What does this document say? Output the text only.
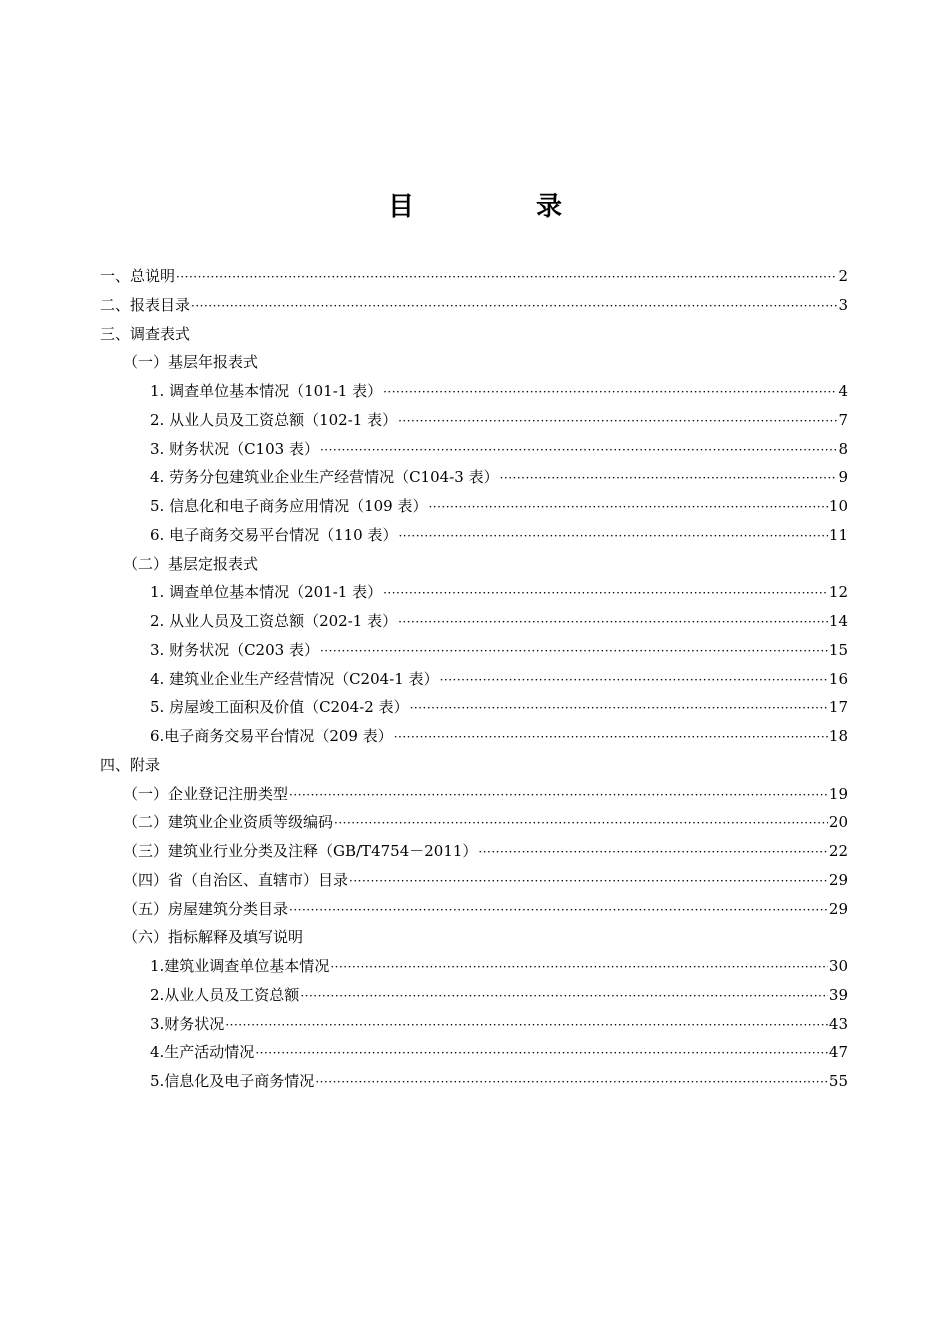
目　录
一、总说明 ·····	2
二、报表目录 ·····	3
三、调查表式
（一）基层年报表式
1. 调查单位基本情况（101-1 表） ·····	4
2. 从业人员及工资总额（102-1 表） ·····	7
3. 财务状况（C103 表） ·····	8
4. 劳务分包建筑业企业生产经营情况（C104-3 表） ·····	9
5. 信息化和电子商务应用情况（109 表） ·····	10
6. 电子商务交易平台情况（110 表） ·····	11
（二）基层定报表式
1. 调查单位基本情况（201-1 表） ·····	12
2. 从业人员及工资总额（202-1 表） ·····	14
3. 财务状况（C203 表） ·····	15
4. 建筑业企业生产经营情况（C204-1 表） ·····	16
5. 房屋竣工面积及价值（C204-2 表） ·····	17
6.电子商务交易平台情况（209 表） ·····	18
四、附录
（一）企业登记注册类型 ·····	19
（二）建筑业企业资质等级编码 ·····	20
（三）建筑业行业分类及注释（GB/T4754－2011） ·····	22
（四）省（自治区、直辖市）目录 ·····	29
（五）房屋建筑分类目录 ·····	29
（六）指标解释及填写说明
1.建筑业调查单位基本情况 ·····	30
2.从业人员及工资总额 ·····	39
3.财务状况 ·····	43
4.生产活动情况 ·····	47
5.信息化及电子商务情况 ·····	55
